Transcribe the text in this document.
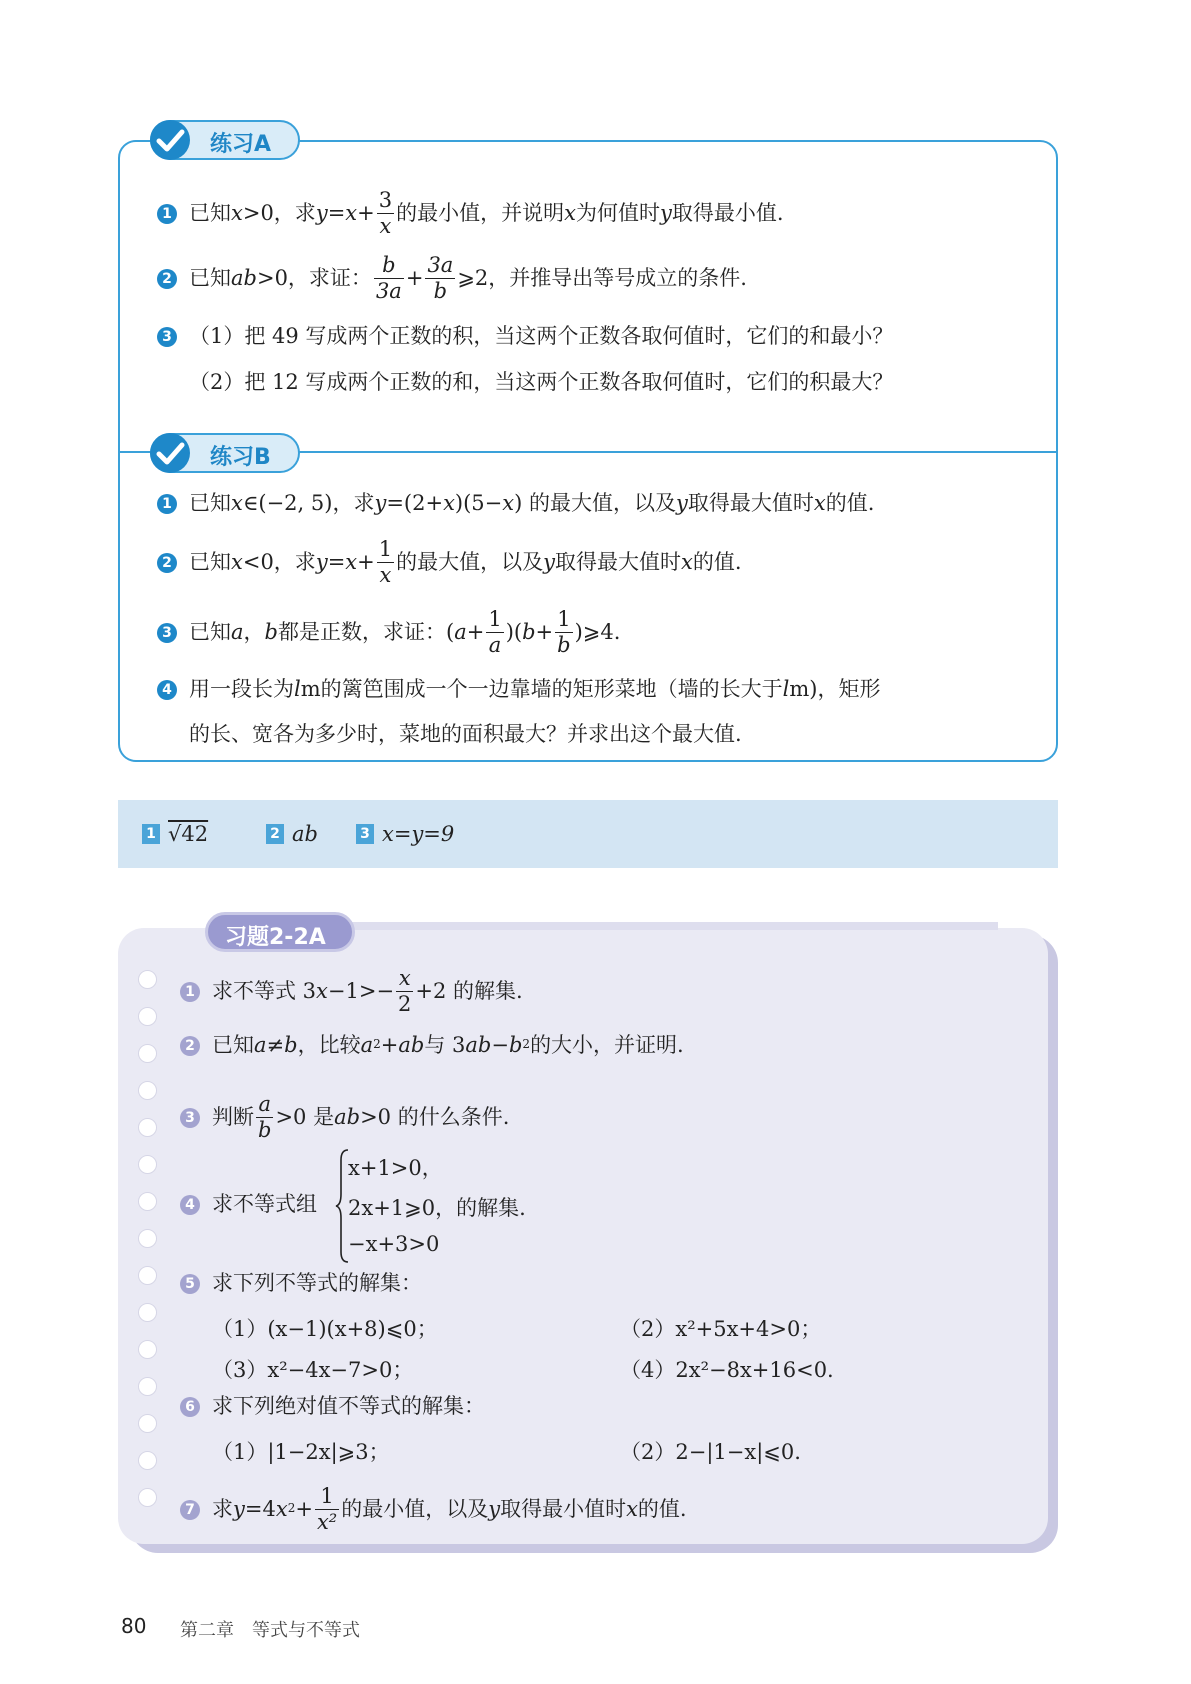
练习A
1 已知 x >0，求 $y = x + \frac{3}{x}$ 的最小值，并说明 x 为何值时 y 取得最小值.
2 已知 ab >0，求证： $\frac{b}{3a} + \frac{3a}{b}$ ⩾2，并推导出等号成立的条件.
3 （1）把 49 写成两个正数的积，当这两个正数各取何值时，它们的和最小？
（2）把 12 写成两个正数的和，当这两个正数各取何值时，它们的积最大？
练习B
1 已知 x ∈(−2, 5)，求 y =(2+ x )(5− x ) 的最大值，以及 y 取得最大值时 x 的值.
2 已知 x <0，求 $y = x + \frac{1}{x}$ 的最大值，以及 y 取得最大值时 x 的值.
3 已知 a ， b 都是正数，求证：( $a + \frac{1}{a}$ )( $b + \frac{1}{b}$ )⩾4.
4 用一段长为 l m的篱笆围成一个一边靠墙的矩形菜地（墙的长大于 l m)，矩形
的长、宽各为多少时，菜地的面积最大？并求出这个最大值.
1 √42	2 ab	3 x=y=9
习题2-2A
1 求不等式 3 $x -1>- \frac{x}{2} +2$ 的解集.
2 已知 a ≠ b ，比较 $a^2$ + ab 与 3 ab − $b^2$ 的大小，并证明.
3 判断 $\frac{a}{b} >0$ 是 ab >0 的什么条件.
4 求不等式组
x+1>0，
2x+1⩾0，的解集.
−x+3>0
5 求下列不等式的解集：
（1）(x−1)(x+8)⩽0；	（2）x²+5x+4>0；
（3）x²−4x−7>0；	（4）2x²−8x+16<0.
6 求下列绝对值不等式的解集：
（1）|1−2x|⩾3；	（2）2−|1−x|⩽0.
7 求 y =4 $x^2 + \frac{1}{\text{x²}}$ 的最小值，以及 y 取得最小值时 x 的值.
80 第二章　等式与不等式
